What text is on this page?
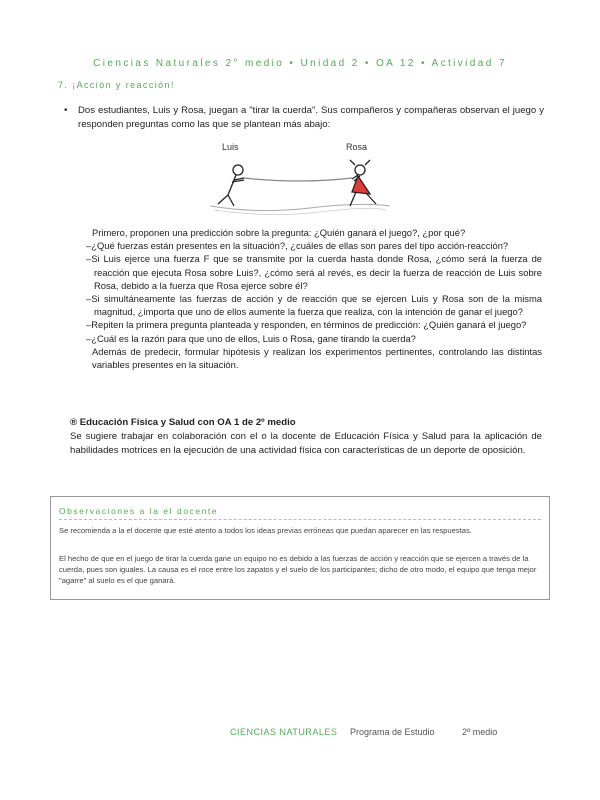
Ciencias Naturales 2° medio • Unidad 2 • OA 12 • Actividad 7
7. ¡Acción y reacción!
•	Dos estudiantes, Luis y Rosa, juegan a "tirar la cuerda". Sus compañeros y compañeras observan el juego y responden preguntas como las que se plantean más abajo:
Luis	Rosa
Primero, proponen una predicción sobre la pregunta: ¿Quién ganará el juego?, ¿por qué?
–¿Qué fuerzas están presentes en la situación?, ¿cuáles de ellas son pares del tipo acción-reacción?
–Si Luis ejerce una fuerza F que se transmite por la cuerda hasta donde Rosa, ¿cómo será la fuerza de reacción que ejecuta Rosa sobre Luis?, ¿cómo será al revés, es decir la fuerza de reacción de Luis sobre Rosa, debido a la fuerza que Rosa ejerce sobre él?
–Si simultáneamente las fuerzas de acción y de reacción que se ejercen Luis y Rosa son de la misma magnitud, ¿importa que uno de ellos aumente la fuerza que realiza, con la intención de ganar el juego?
–Repiten la primera pregunta planteada y responden, en términos de predicción: ¿Quién ganará el juego?
–¿Cuál es la razón para que uno de ellos, Luis o Rosa, gane tirando la cuerda?
Además de predecir, formular hipótesis y realizan los experimentos pertinentes, controlando las distintas variables presentes en la situación.
® Educación Física y Salud con OA 1 de 2º medio
Se sugiere trabajar en colaboración con el o la docente de Educación Física y Salud para la aplicación de habilidades motrices en la ejecución de una actividad física con características de un deporte de oposición.
Observaciones a la el docente
Se recomienda a la el docente que esté atento a todos los ideas previas erróneas que puedan aparecer en las respuestas.
El hecho de que en el juego de tirar la cuerda gane un equipo no es debido a las fuerzas de acción y reacción que se ejercen a través de la cuerda, pues son iguales. La causa es el roce entre los zapatos y el suelo de los participantes; dicho de otro modo, el equipo que tenga mejor "agarre" al suelo es el que ganará.
CIENCIAS NATURALES Programa de Estudio	2º medio
